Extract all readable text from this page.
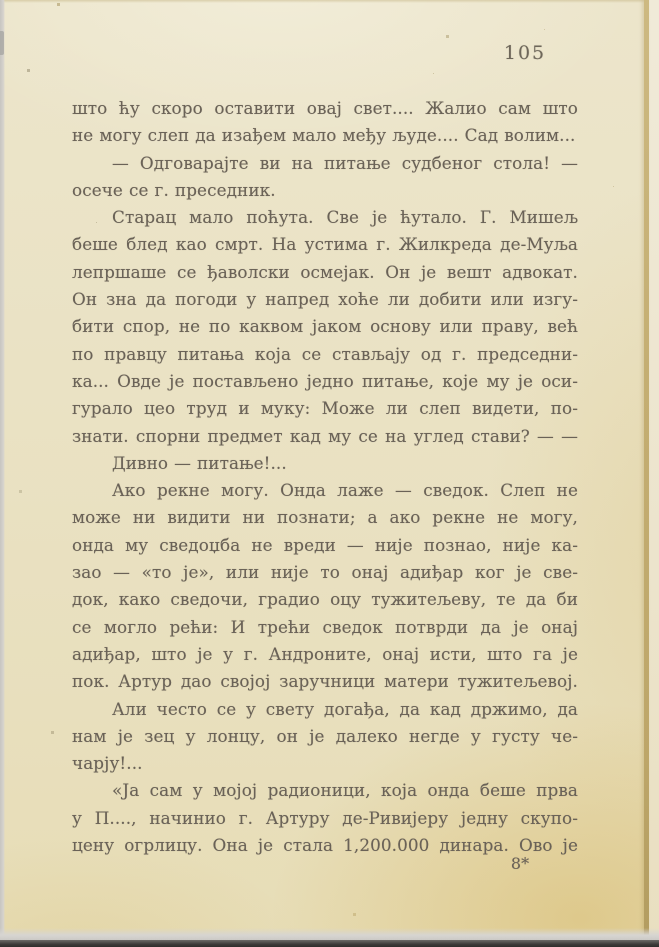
105
што ћу скоро оставити овај свет.... Жалио сам што
не могу слеп да изађем мало међу људе.... Сад волим...
— Одговарајте ви на питање судбеног стола! —
осече се г. преседник.
Старац мало поћута. Све је ћутало. Г. Мишељ
беше блед као смрт. На устима г. Жилкреда де-Муља
лепршаше се ђаволски осмејак. Он је вешт адвокат.
Он зна да погоди у напред хоће ли добити или изгу-
бити спор, не по каквом јаком основу или праву, већ
по правцу питања која се стављају од г. председни-
ка... Овде је постављено једно питање, које му је оси-
гурало цео труд и муку: Може ли слеп видети, по-
знати. спорни предмет кад му се на углед стави? — —
Дивно — питање!...
Ако рекне могу. Онда лаже — сведок. Слеп не
може ни видити ни познати; а ако рекне не могу,
онда му сведоџба не вреди — није познао, није ка-
зао — «то је», или није то онај адиђар ког је све-
док, како сведочи, градио оцу тужитељеву, те да би
се могло рећи: И трећи сведок потврди да је онај
адиђар, што је у г. Андроните, онај исти, што га је
пок. Артур дао својој заручници матери тужитељевој.
Али често се у свету догађа, да кад држимо, да
нам је зец у лонцу, он је далеко негде у густу че-
чарју!...
«Ја сам у мојој радионици, која онда беше прва
у П...., начинио г. Артуру де-Ривијеру једну скупо-
цену огрлицу. Она је стала 1,200.000 динара. Ово је
8*
